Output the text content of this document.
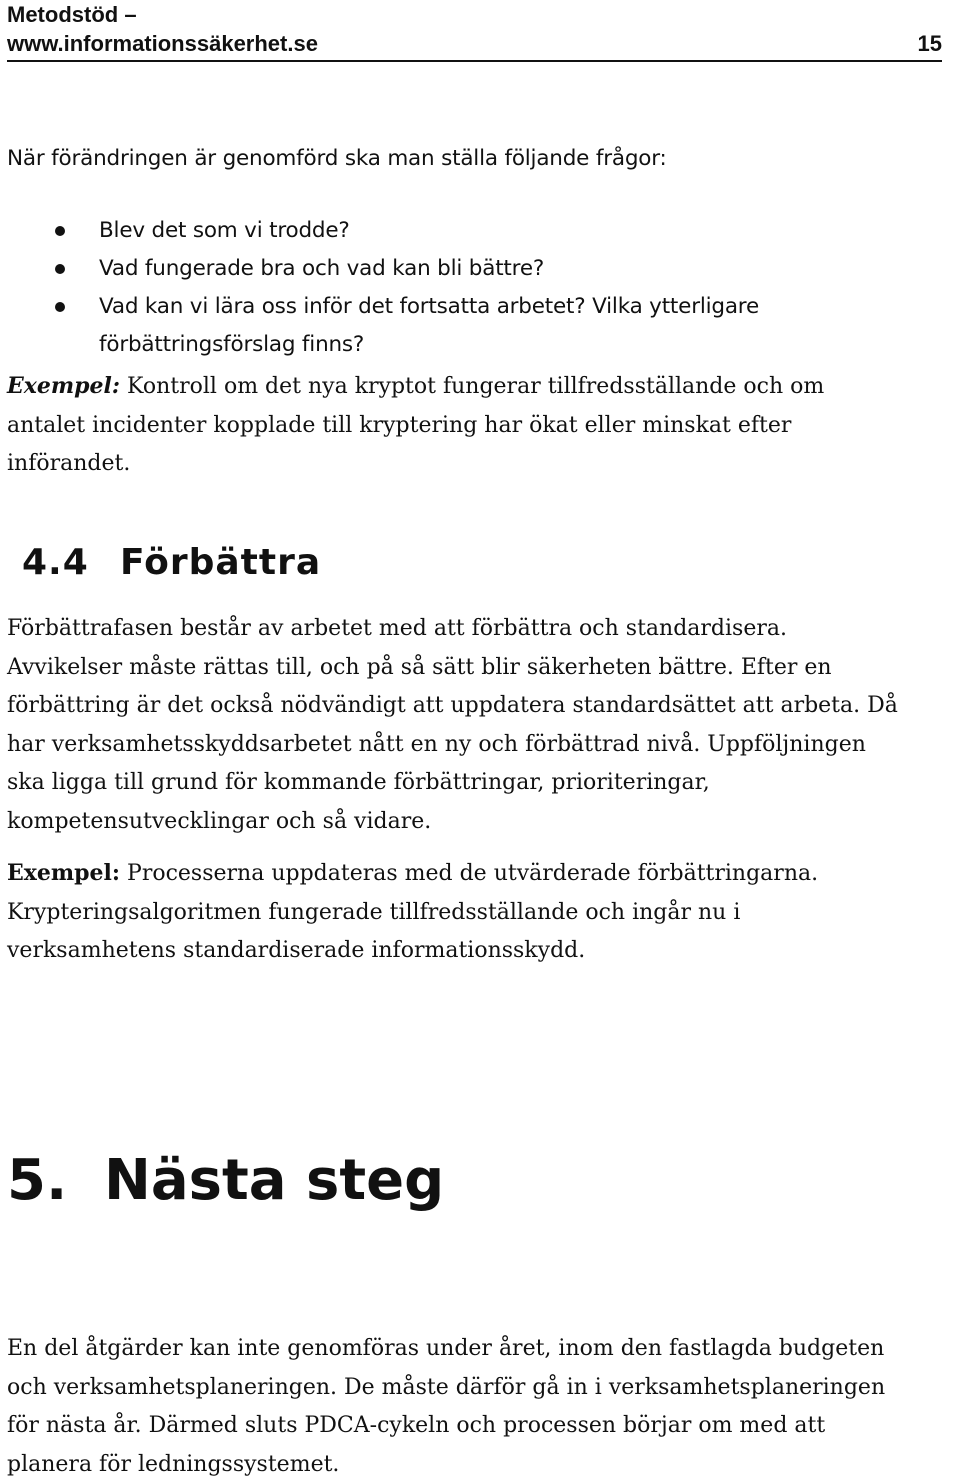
Metodstöd –
www.informationssäkerhet.se	15
När förändringen är genomförd ska man ställa följande frågor:
Blev det som vi trodde?
Vad fungerade bra och vad kan bli bättre?
Vad kan vi lära oss inför det fortsatta arbetet? Vilka ytterligare
förbättringsförslag finns?
Exempel: Kontroll om det nya kryptot fungerar tillfredsställande och om
antalet incidenter kopplade till kryptering har ökat eller minskat efter
införandet.
4.4 Förbättra
Förbättrafasen består av arbetet med att förbättra och standardisera.
Avvikelser måste rättas till, och på så sätt blir säkerheten bättre. Efter en
förbättring är det också nödvändigt att uppdatera standardsättet att arbeta. Då
har verksamhetsskyddsarbetet nått en ny och förbättrad nivå. Uppföljningen
ska ligga till grund för kommande förbättringar, prioriteringar,
kompetensutvecklingar och så vidare.
Exempel: Processerna uppdateras med de utvärderade förbättringarna.
Krypteringsalgoritmen fungerade tillfredsställande och ingår nu i
verksamhetens standardiserade informationsskydd.
5. Nästa steg
En del åtgärder kan inte genomföras under året, inom den fastlagda budgeten
och verksamhetsplaneringen. De måste därför gå in i verksamhetsplaneringen
för nästa år. Därmed sluts PDCA-cykeln och processen börjar om med att
planera för ledningssystemet.
